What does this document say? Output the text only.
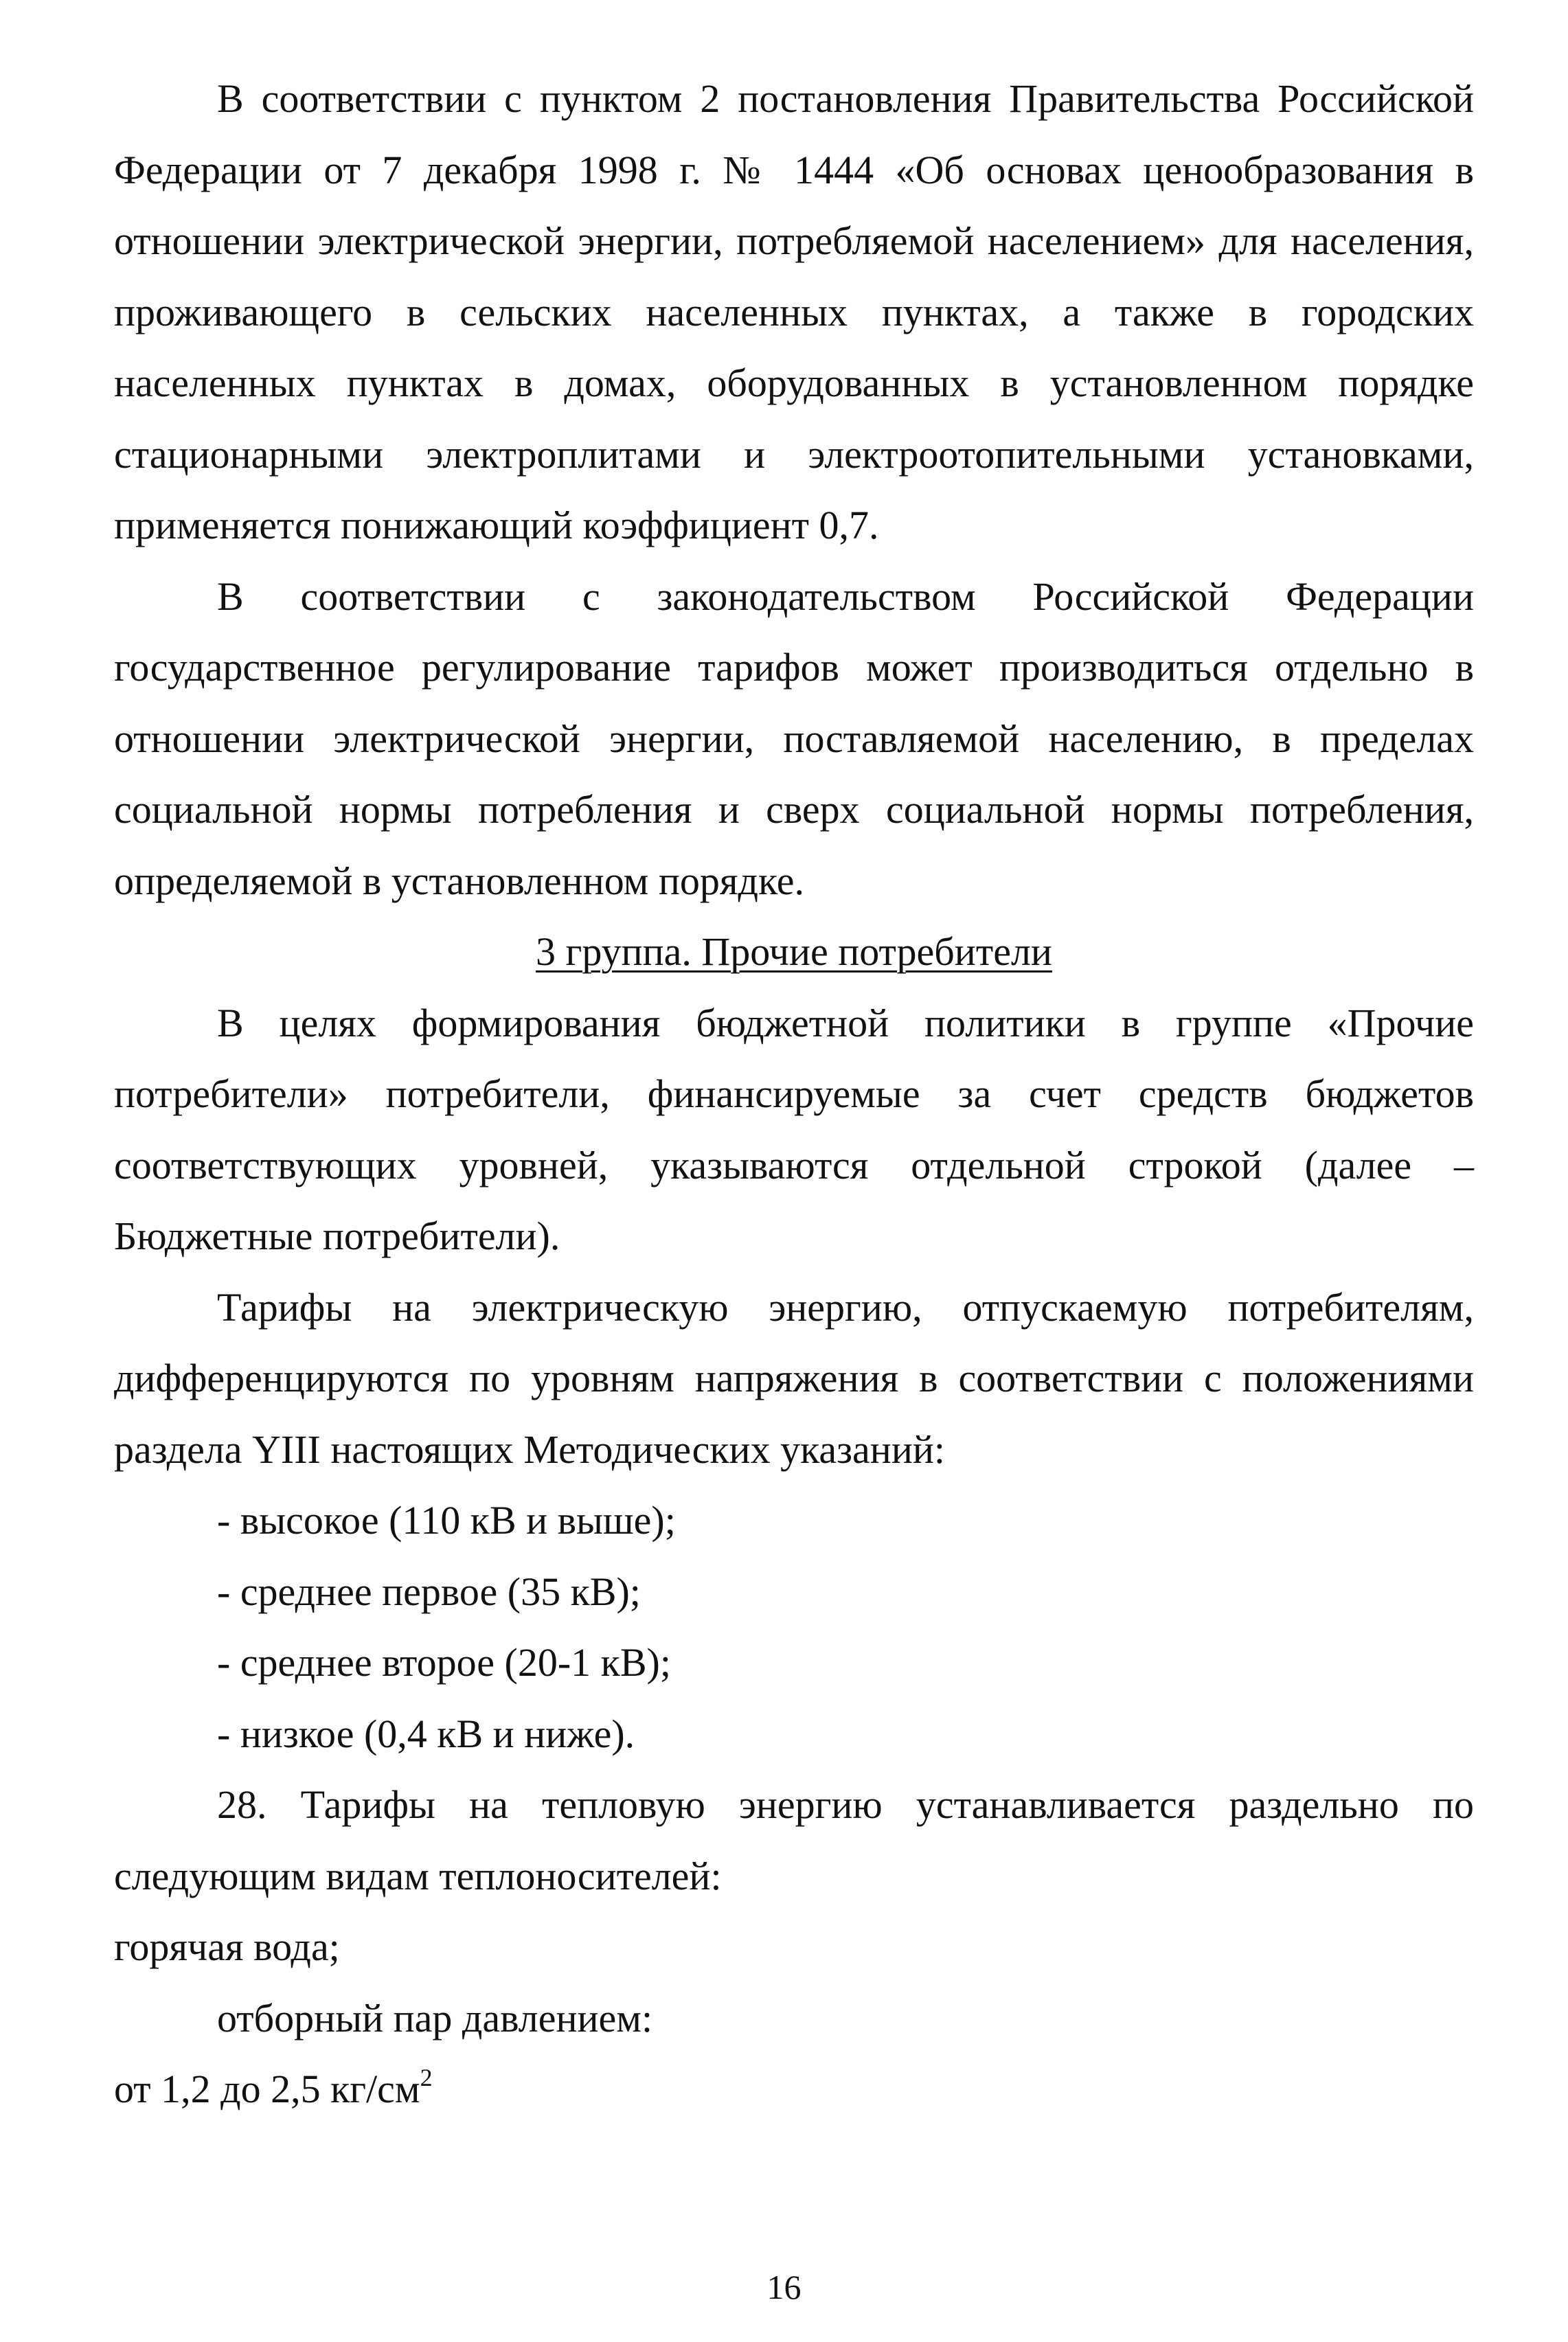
В соответствии с пунктом 2 постановления Правительства Российской Федерации от 7 декабря 1998 г. № 1444 «Об основах ценообразования в отношении электрической энергии, потребляемой населением» для населения, проживающего в сельских населенных пунктах, а также в городских населенных пунктах в домах, оборудованных в установленном порядке стационарными электроплитами и электроотопительными установками, применяется понижающий коэффициент 0,7.

В соответствии с законодательством Российской Федерации государственное регулирование тарифов может производиться отдельно в отношении электрической энергии, поставляемой населению, в пределах социальной нормы потребления и сверх социальной нормы потребления, определяемой в установленном порядке.

3 группа. Прочие потребители

В целях формирования бюджетной политики в группе «Прочие потребители» потребители, финансируемые за счет средств бюджетов соответствующих уровней, указываются отдельной строкой (далее – Бюджетные потребители).

Тарифы на электрическую энергию, отпускаемую потребителям, дифференцируются по уровням напряжения в соответствии с положениями раздела YIII настоящих Методических указаний:

- высокое (110 кВ и выше);

- среднее первое (35 кВ);

- среднее второе (20-1 кВ);

- низкое (0,4 кВ и ниже).

28. Тарифы на тепловую энергию устанавливается раздельно по следующим видам теплоносителей:

горячая вода;

отборный пар давлением:

от 1,2 до 2,5 $кг/см^2$

16
